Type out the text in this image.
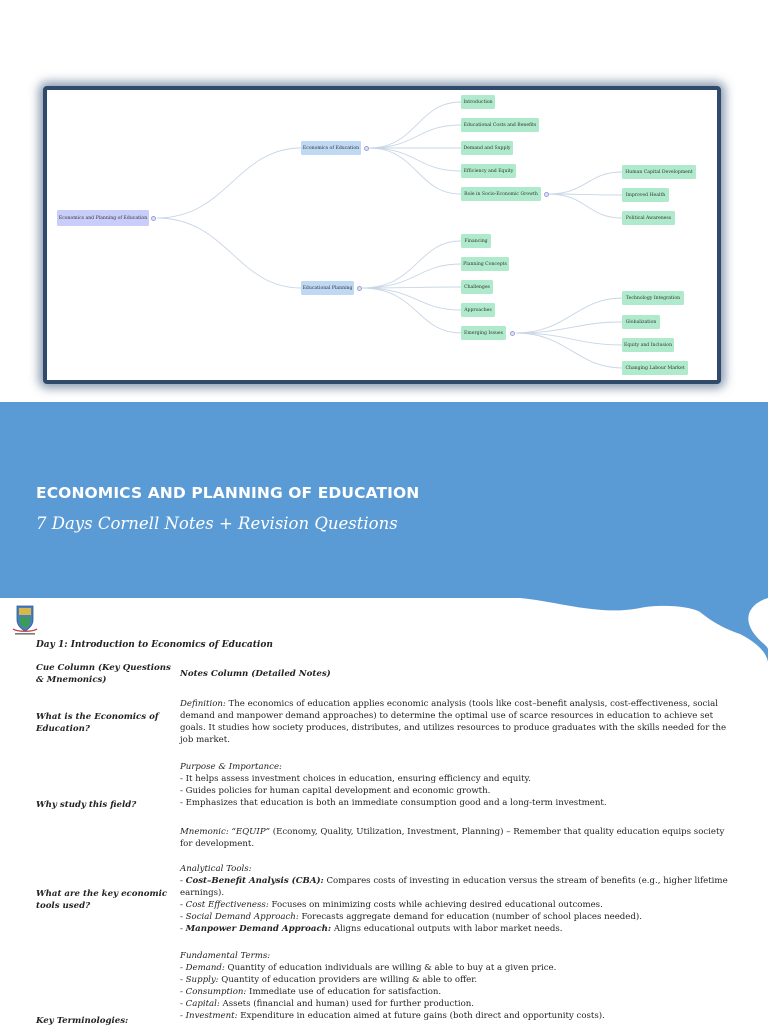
Economics and Planning of Education
Economics of Education
Educational Planning
Introduction
Educational Costs and Benefits
Demand and Supply
Efficiency and Equity
Role in Socio-Economic Growth
Human Capital Development
Improved Health
Political Awareness
Financing
Planning Concepts
Challenges
Approaches
Emerging Issues
Technology Integration
Globalization
Equity and Inclusion
Changing Labour Market
ECONOMICS AND PLANNING OF EDUCATION
7 Days Cornell Notes + Revision Questions
Day 1: Introduction to Economics of Education
Cue Column (Key Questions & Mnemonics)
Notes Column (Detailed Notes)
What is the Economics of Education?

Definition: The economics of education applies economic analysis (tools like cost–benefit analysis, cost-effectiveness, social demand and manpower demand approaches) to determine the optimal use of scarce resources in education to achieve set goals. It studies how society produces, distributes, and utilizes resources to produce graduates with the skills needed for the job market.

Why study this field?

Purpose & Importance:

- It helps assess investment choices in education, ensuring efficiency and equity.

- Guides policies for human capital development and economic growth.

- Emphasizes that education is both an immediate consumption good and a long-term investment.

Mnemonic: “EQUIP” (Economy, Quality, Utilization, Investment, Planning) – Remember that quality education equips society for development.

What are the key economic tools used?

Analytical Tools:

- Cost–Benefit Analysis (CBA): Compares costs of investing in education versus the stream of benefits (e.g., higher lifetime earnings).

- Cost Effectiveness: Focuses on minimizing costs while achieving desired educational outcomes.

- Social Demand Approach: Forecasts aggregate demand for education (number of school places needed).

- Manpower Demand Approach: Aligns educational outputs with labor market needs.

Fundamental Terms:

- Demand: Quantity of education individuals are willing & able to buy at a given price.

- Supply: Quantity of education providers are willing & able to offer.

- Consumption: Immediate use of education for satisfaction.

- Capital: Assets (financial and human) used for further production.

- Investment: Expenditure in education aimed at future gains (both direct and opportunity costs).

Key Terminologies:
